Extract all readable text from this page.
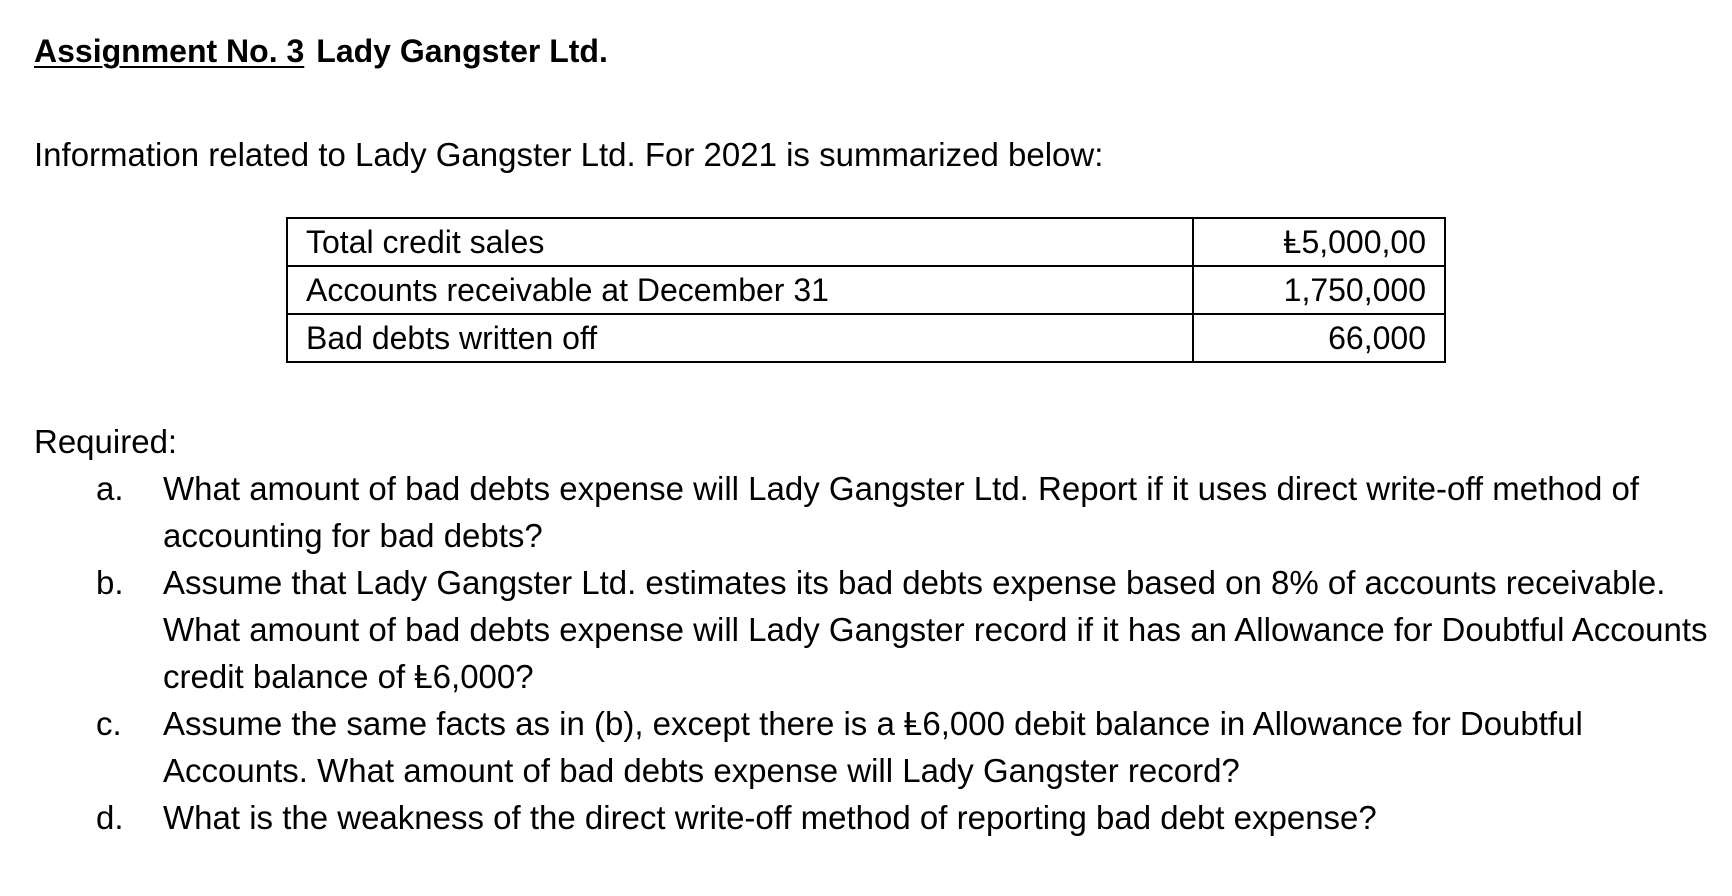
Assignment No. 3 Lady Gangster Ltd.
Information related to Lady Gangster Ltd. For 2021 is summarized below:
Total credit sales	Ⱡ5,000,00
Accounts receivable at December 31	1,750,000
Bad debts written off	66,000
Required:
a. What amount of bad debts expense will Lady Gangster Ltd. Report if it uses direct write-off method of accounting for bad debts?
b. Assume that Lady Gangster Ltd. estimates its bad debts expense based on 8% of accounts receivable. What amount of bad debts expense will Lady Gangster record if it has an Allowance for Doubtful Accounts credit balance of Ⱡ6,000?
c. Assume the same facts as in (b), except there is a Ⱡ6,000 debit balance in Allowance for Doubtful Accounts. What amount of bad debts expense will Lady Gangster record?
d. What is the weakness of the direct write-off method of reporting bad debt expense?
